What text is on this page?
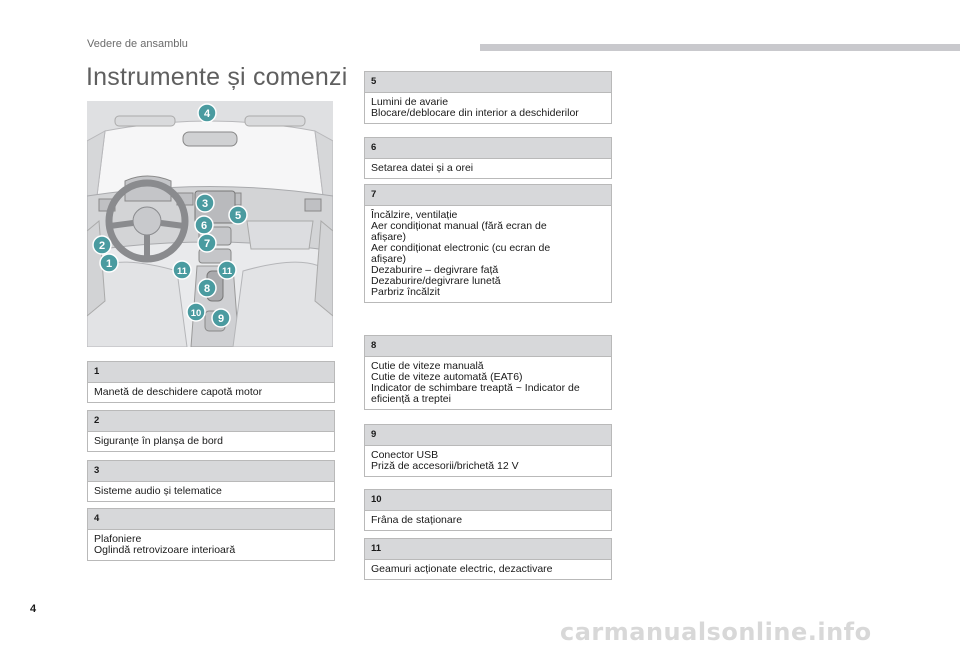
Vedere de ansamblu
Instrumente și comenzi
4
3
5
6
7
2
1
11	11
8
10 9
1
Manetă de deschidere capotă motor
2
Siguranțe în planșa de bord
3
Sisteme audio și telematice
4
Plafoniere
Oglindă retrovizoare interioară
5
Lumini de avarie
Blocare/deblocare din interior a deschiderilor
6
Setarea datei și a orei
7
Încălzire, ventilație
Aer condiționat manual (fără ecran de
afișare)
Aer condiționat electronic (cu ecran de
afișare)
Dezaburire – degivrare față
Dezaburire/degivrare lunetă
Parbriz încălzit
8
Cutie de viteze manuală
Cutie de viteze automată (EAT6)
Indicator de schimbare treaptă ~ Indicator de
eficiență a treptei
9
Conector USB
Priză de accesorii/brichetă 12 V
10
Frâna de staționare
11
Geamuri acționate electric, dezactivare
4
carmanualsonline.info
